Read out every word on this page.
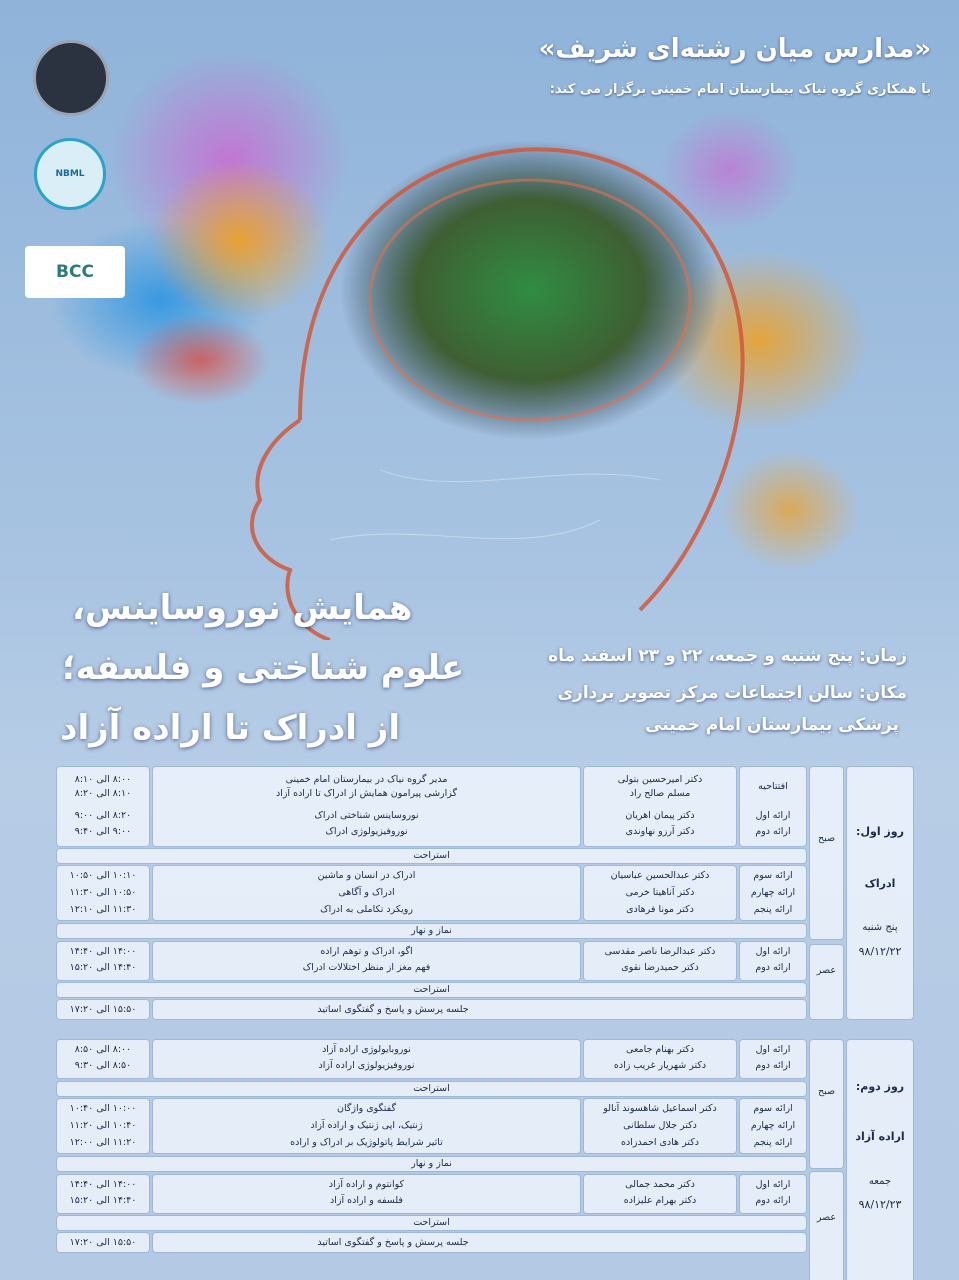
NBML
BCC
«مدارس میان رشته‌ای شریف»
با همکاری گروه نیاک بیمارستان امام خمینی برگزار می کند:
همایش نوروساینس،
علوم شناختی و فلسفه؛
از ادراک تا اراده آزاد
زمان: پنج شنبه و جمعه، ۲۲ و ۲۳ اسفند ماه
مکان: سالن اجتماعات مرکز تصویر برداری
پزشکی بیمارستان امام خمینی
روز اول:
ادراک
پنج شنبه
۹۸/۱۲/۲۲
صبح
عصر
۸:۰۰ الی ۸:۱۰
۸:۱۰ الی ۸:۲۰
۸:۲۰ الی ۹:۰۰
۹:۰۰ الی ۹:۴۰
مدیر گروه نیاک در بیمارستان امام خمینی
گزارشی پیرامون همایش از ادراک تا اراده آزاد
نوروساینس شناختی ادراک
نوروفیزیولوژی ادراک
دکتر امیرحسین بتولی
مسلم صالح راد
دکتر پیمان اهریان
دکتر آرزو نهاوندی
افتتاحیه
ارائه اول
ارائه دوم
استراحت
۱۰:۱۰ الی ۱۰:۵۰
۱۰:۵۰ الی ۱۱:۳۰
۱۱:۳۰ الی ۱۲:۱۰
ادراک در انسان و ماشین
ادراک و آگاهی
رویکرد تکاملی به ادراک
دکتر عبدالحسین عباسیان
دکتر آناهیتا خرمی
دکتر مونا فرهادی
ارائه سوم
ارائه چهارم
ارائه پنجم
نماز و نهار
۱۴:۰۰ الی ۱۴:۴۰
۱۴:۴۰ الی ۱۵:۲۰
اگو، ادراک و توهم اراده
فهم مغز از منظر اختلالات ادراک
دکتر عبدالرضا ناصر مقدسی
دکتر حمیدرضا نقوی
ارائه اول
ارائه دوم
استراحت
۱۵:۵۰ الی ۱۷:۲۰	جلسه پرسش و پاسخ و گفتگوی اساتید
روز دوم:
اراده آزاد
جمعه
۹۸/۱۲/۲۳
صبح
عصر
۸:۰۰ الی ۸:۵۰
۸:۵۰ الی ۹:۳۰
نوروبایولوژی اراده آزاد
نوروفیزیولوژی اراده آزاد
دکتر بهنام جامعی
دکتر شهریار غریب زاده
ارائه اول
ارائه دوم
استراحت
۱۰:۰۰ الی ۱۰:۴۰
۱۰:۴۰ الی ۱۱:۲۰
۱۱:۲۰ الی ۱۲:۰۰
گفتگوی واژگان
ژنتیک، اپی ژنتیک و اراده آزاد
تاثیر شرایط پاتولوژیک بر ادراک و اراده
دکتر اسماعیل شاهسوند آنالو
دکتر جلال سلطانی
دکتر هادی احمدزاده
ارائه سوم
ارائه چهارم
ارائه پنجم
نماز و نهار
۱۴:۰۰ الی ۱۴:۴۰
۱۴:۴۰ الی ۱۵:۲۰
کوانتوم و اراده آزاد
فلسفه و اراده آزاد
دکتر محمد جمالی
دکتر بهرام علیزاده
ارائه اول
ارائه دوم
استراحت
۱۵:۵۰ الی ۱۷:۲۰	جلسه پرسش و پاسخ و گفتگوی اساتید
